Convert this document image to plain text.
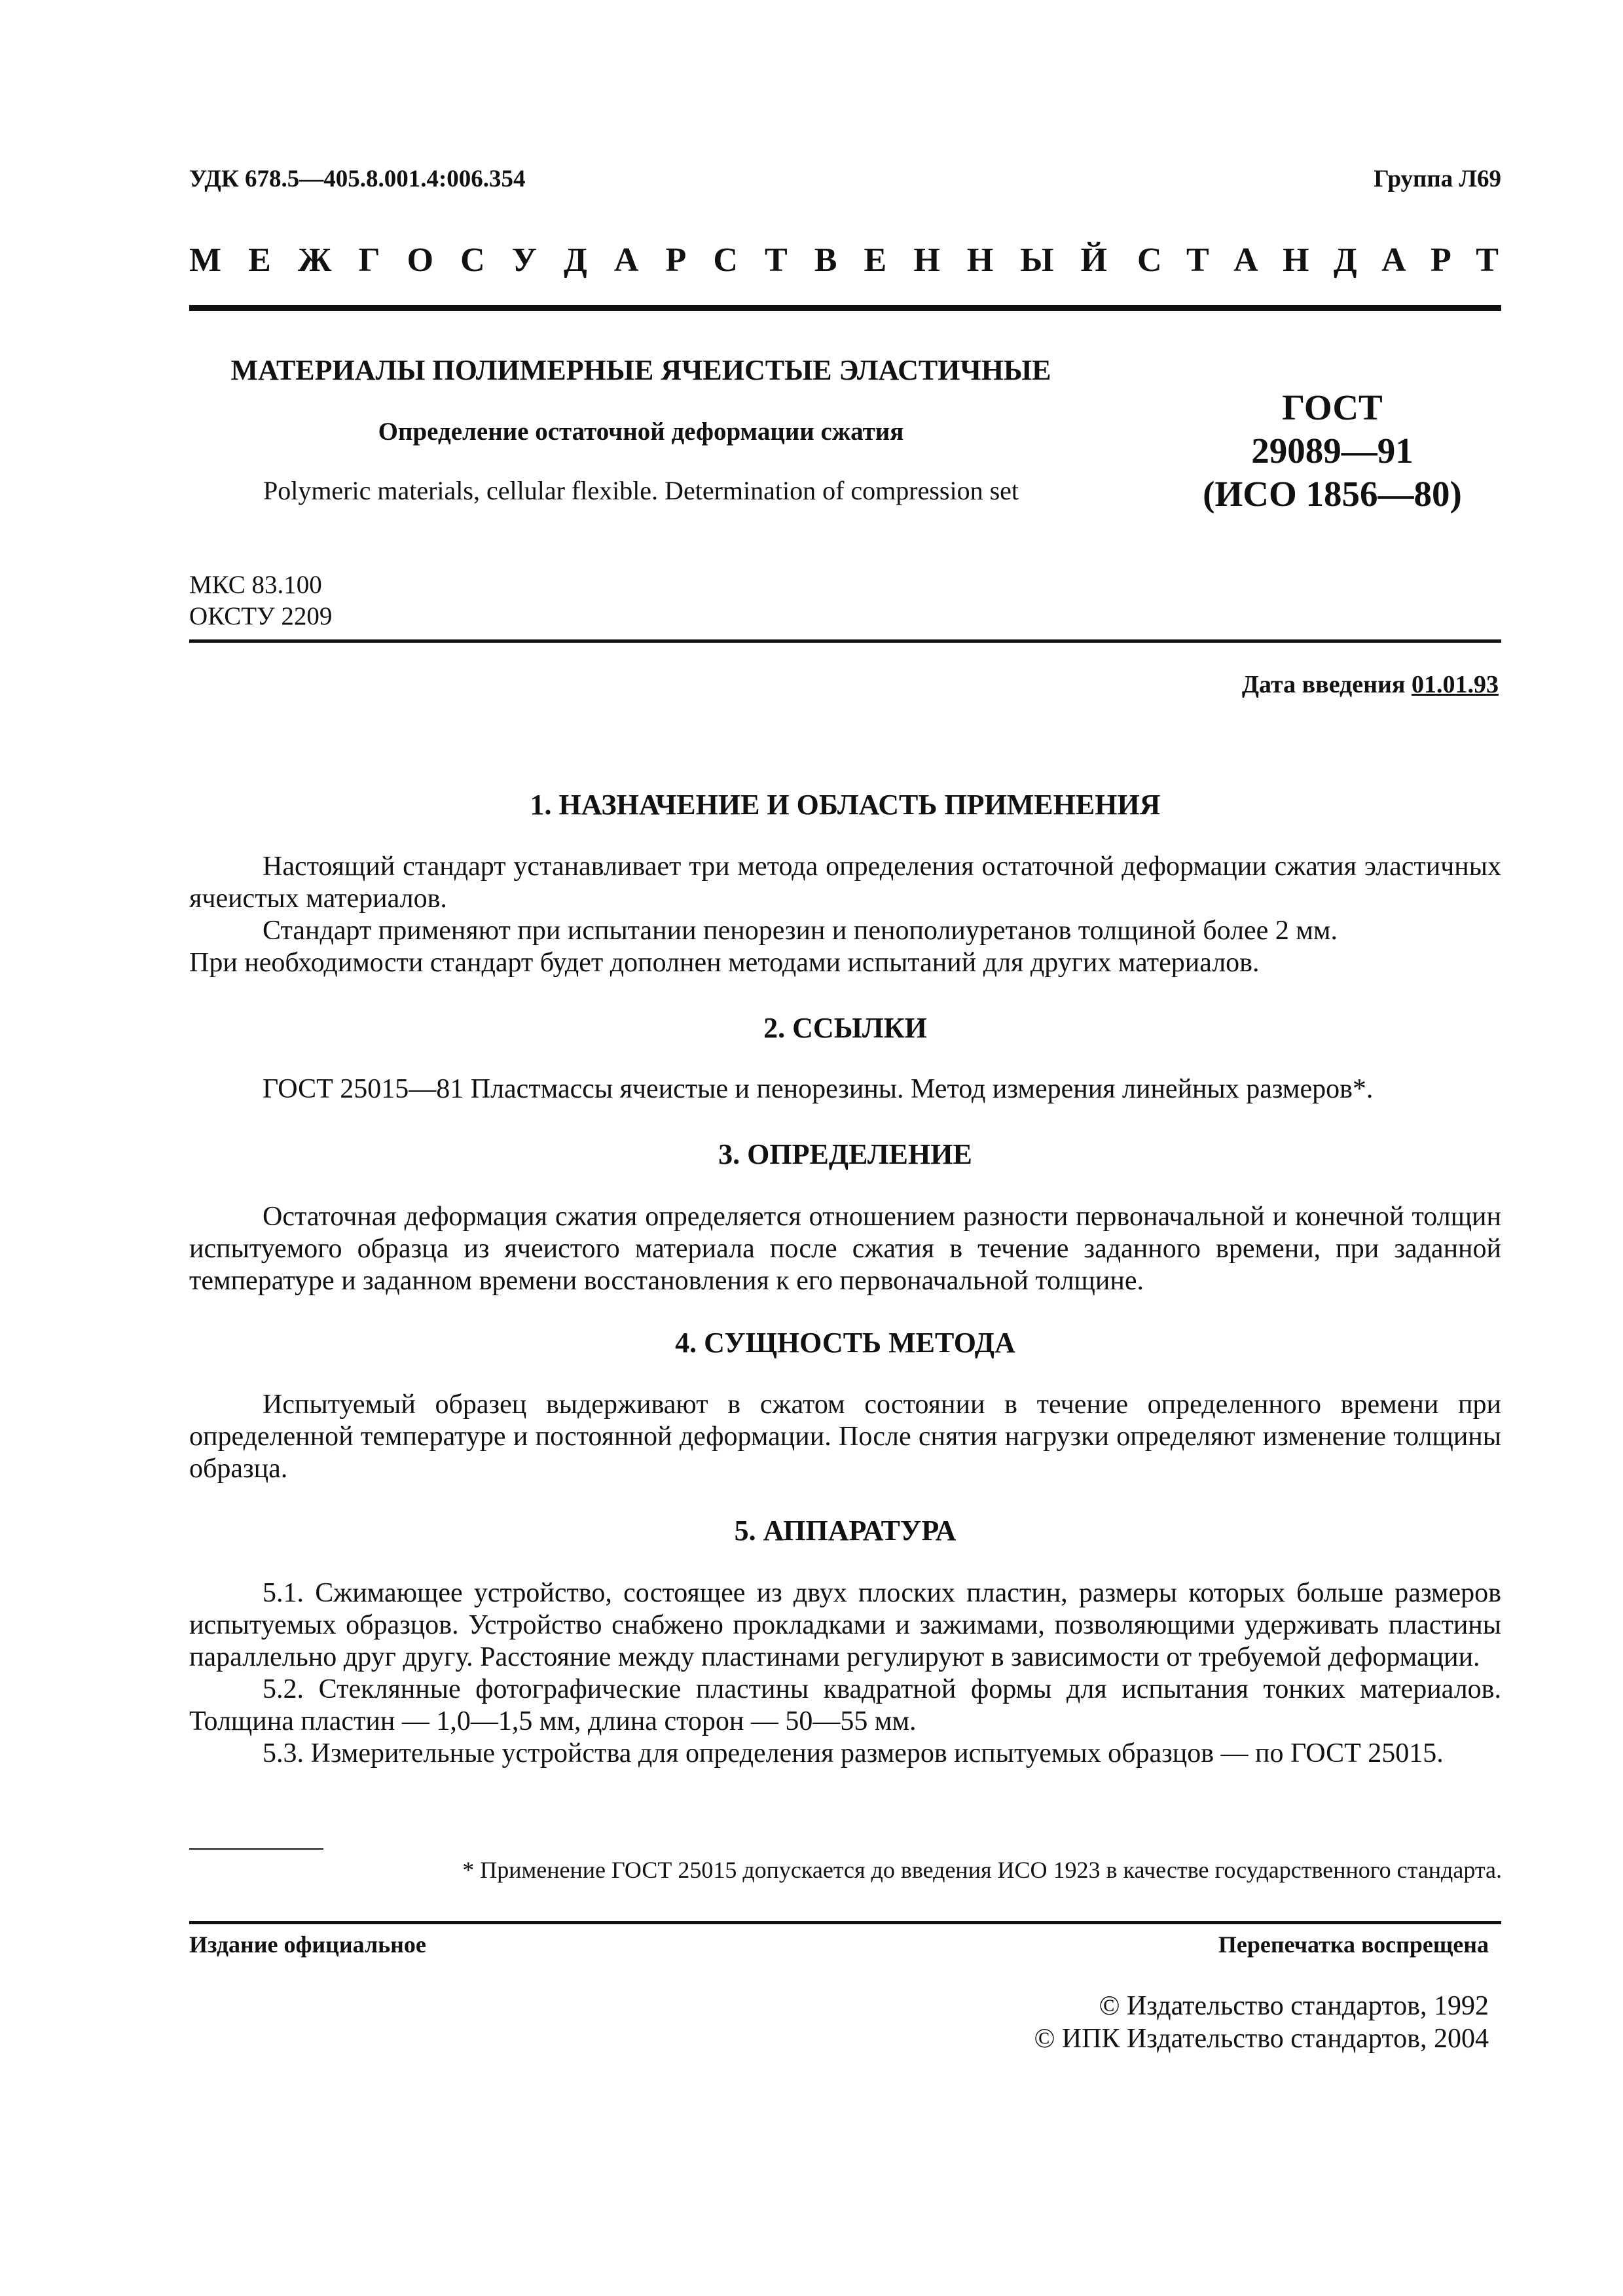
УДК 678.5—405.8.001.4:006.354	Группа Л69
М Е Ж Г О С У Д А Р С Т В Е Н Н Ы Й С Т А Н Д А Р Т
МАТЕРИАЛЫ ПОЛИМЕРНЫЕ ЯЧЕИСТЫЕ ЭЛАСТИЧНЫЕ
Определение остаточной деформации сжатия
Polymeric materials, cellular flexible. Determination of compression set
ГОСТ
29089—91
(ИСО 1856—80)
МКС 83.100
ОКСТУ 2209
Дата введения 01.01.93
1. НАЗНАЧЕНИЕ И ОБЛАСТЬ ПРИМЕНЕНИЯ

Настоящий стандарт устанавливает три метода определения остаточной деформации сжатия эластичных ячеистых материалов.

Стандарт применяют при испытании пенорезин и пенополиуретанов толщиной более 2 мм.

При необходимости стандарт будет дополнен методами испытаний для других материалов.

2. ССЫЛКИ

ГОСТ 25015—81 Пластмассы ячеистые и пенорезины. Метод измерения линейных размеров*.

3. ОПРЕДЕЛЕНИЕ

Остаточная деформация сжатия определяется отношением разности первоначальной и конечной толщин испытуемого образца из ячеистого материала после сжатия в течение заданного времени, при заданной температуре и заданном времени восстановления к его первоначальной толщине.

4. СУЩНОСТЬ МЕТОДА

Испытуемый образец выдерживают в сжатом состоянии в течение определенного времени при определенной температуре и постоянной деформации. После снятия нагрузки определяют изменение толщины образца.

5. АППАРАТУРА

5.1. Сжимающее устройство, состоящее из двух плоских пластин, размеры которых больше размеров испытуемых образцов. Устройство снабжено прокладками и зажимами, позволяющими удерживать пластины параллельно друг другу. Расстояние между пластинами регулируют в зависимости от требуемой деформации.

5.2. Стеклянные фотографические пластины квадратной формы для испытания тонких материалов. Толщина пластин — 1,0—1,5 мм, длина сторон — 50—55 мм.

5.3. Измерительные устройства для определения размеров испытуемых образцов — по ГОСТ 25015.

* Применение ГОСТ 25015 допускается до введения ИСО 1923 в качестве государственного стандарта.
Издание официальное	Перепечатка воспрещена
© Издательство стандартов, 1992
© ИПК Издательство стандартов, 2004
